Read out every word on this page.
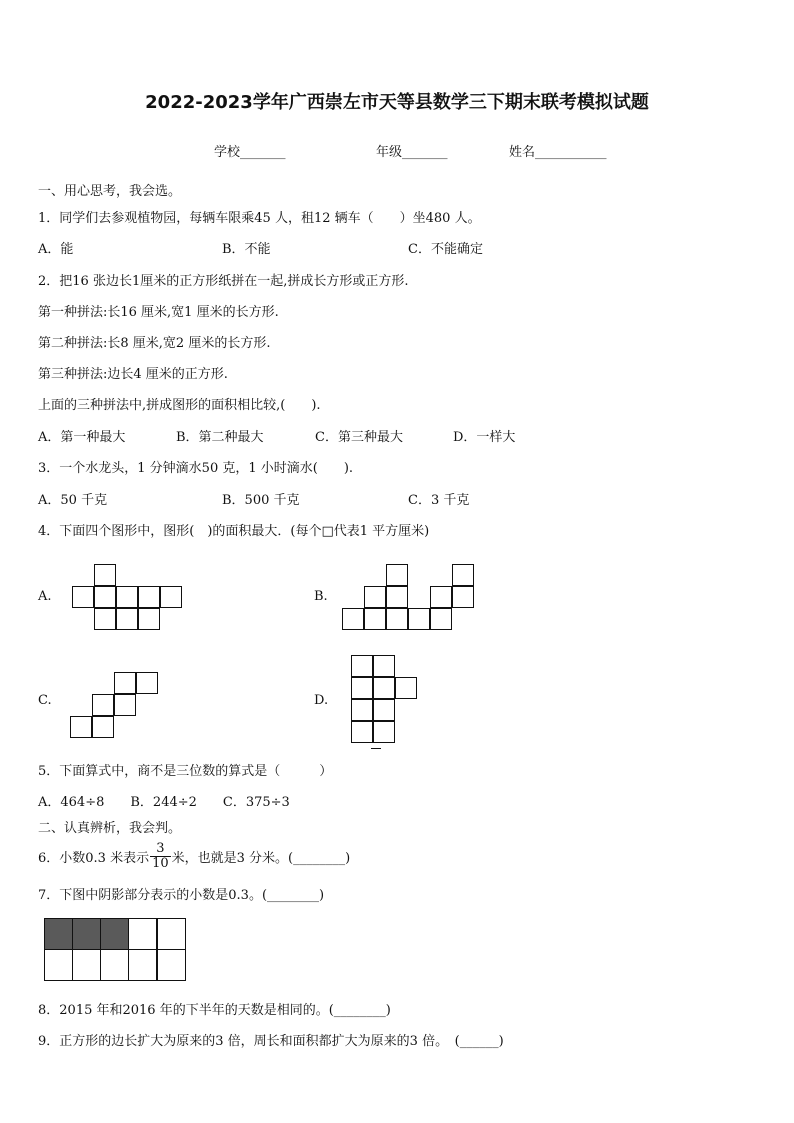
2022-2023学年广西崇左市天等县数学三下期末联考模拟试题
学校_______	年级_______	姓名___________
一、用心思考，我会选。
1．同学们去参观植物园，每辆车限乘45 人，租12 辆车（　　）坐480 人。
A．能	B．不能	C．不能确定
2．把16 张边长1厘米的正方形纸拼在一起,拼成长方形或正方形.
第一种拼法:长16 厘米,宽1 厘米的长方形.
第二种拼法:长8 厘米,宽2 厘米的长方形.
第三种拼法:边长4 厘米的正方形.
上面的三种拼法中,拼成图形的面积相比较,(　　).
A．第一种最大	B．第二种最大	C．第三种最大	D．一样大
3．一个水龙头，1 分钟滴水50 克，1 小时滴水(　　).
A．50 千克	B．500 千克	C．3 千克
4．下面四个图形中，图形(　)的面积最大．(每个□代表1 平方厘米)
A.	B.
C.	D.
5．下面算式中，商不是三位数的算式是（　　　）
A．464÷8　　B．244÷2　　C．375÷3
二、认真辨析，我会判。
6．小数0.3 米表示 $\frac{3}{10}$ 米，也就是3 分米。(________)
7．下图中阴影部分表示的小数是0.3。(________)
8．2015 年和2016 年的下半年的天数是相同的。(________)
9．正方形的边长扩大为原来的3 倍，周长和面积都扩大为原来的3 倍。　(______)
